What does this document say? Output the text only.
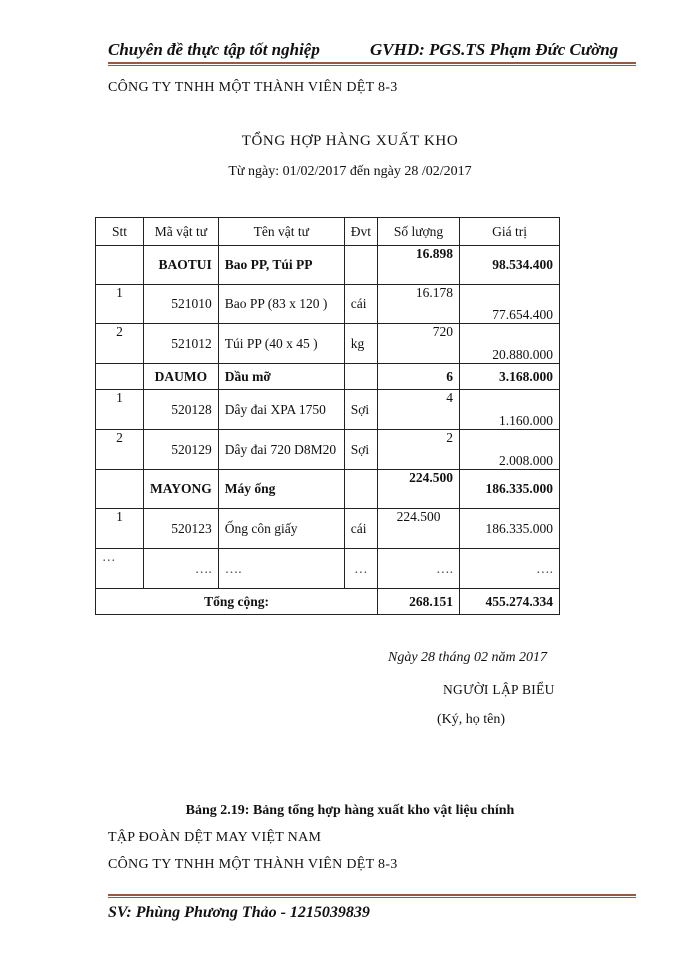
Chuyên đề thực tập tốt nghiệp	GVHD: PGS.TS Phạm Đức Cường
CÔNG TY TNHH MỘT THÀNH VIÊN DỆT 8-3
TỔNG HỢP HÀNG XUẤT KHO
Từ ngày: 01/02/2017 đến ngày 28 /02/2017
Stt	Mã vật tư	Tên vật tư	Đvt	Số lượng	Giá trị
	BAOTUI	Bao PP, Túi PP		16.898	98.534.400
1	521010	Bao PP (83 x 120 )	cái	16.178	77.654.400
2	521012	Túi PP (40 x 45 )	kg	720	20.880.000
	DAUMO	Dầu mỡ		6	3.168.000
1	520128	Dây đai XPA 1750	Sợi	4	1.160.000
2	520129	Dây đai 720 D8M20	Sợi	2	2.008.000
	MAYONG	Máy ống		224.500	186.335.000
1	520123	Ống côn giấy	cái	224.500	186.335.000
…	….	….	…	….	….
Tổng cộng:				268.151	455.274.334
Ngày 28 tháng 02 năm 2017
NGƯỜI LẬP BIỂU
(Ký, họ tên)
Bảng 2.19: Bảng tổng hợp hàng xuất kho vật liệu chính
TẬP ĐOÀN DỆT MAY VIỆT NAM
CÔNG TY TNHH MỘT THÀNH VIÊN DỆT 8-3
SV: Phùng Phương Thảo - 1215039839
